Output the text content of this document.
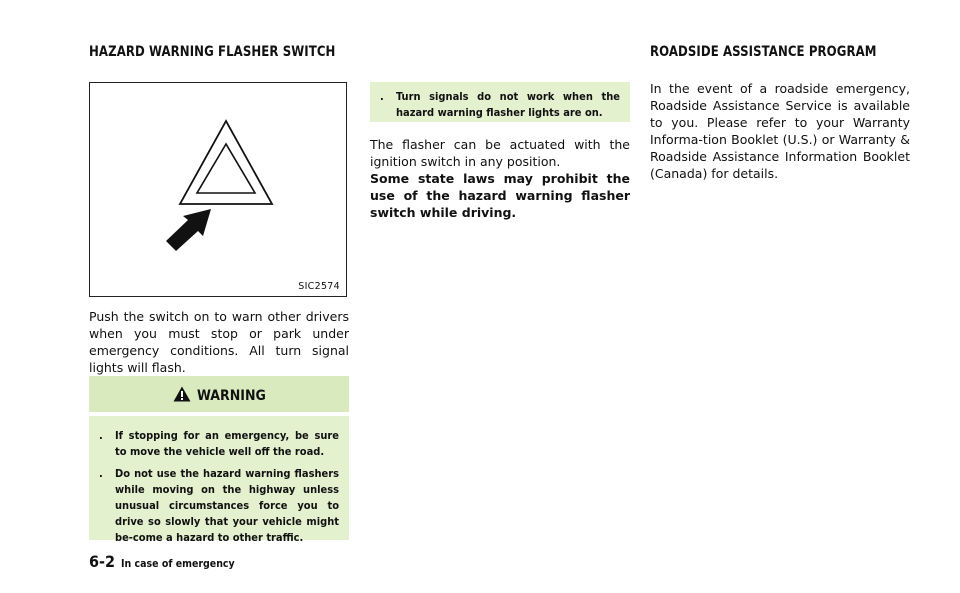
HAZARD WARNING FLASHER SWITCH	ROADSIDE ASSISTANCE PROGRAM
SIC2574
Push the switch on to warn other drivers when you must stop or park under emergency conditions. All turn signal lights will flash.
WARNING
. If stopping for an emergency, be sure to move the vehicle well off the road.
. Do not use the hazard warning flashers while moving on the highway unless unusual circumstances force you to drive so slowly that your vehicle might be-come a hazard to other traffic.
. Turn signals do not work when the hazard warning flasher lights are on.
The flasher can be actuated with the ignition switch in any position.
Some state laws may prohibit the use of the hazard warning flasher switch while driving.
In the event of a roadside emergency, Roadside Assistance Service is available to you. Please refer to your Warranty Informa-tion Booklet (U.S.) or Warranty & Roadside Assistance Information Booklet (Canada) for details.
6-2 In case of emergency
